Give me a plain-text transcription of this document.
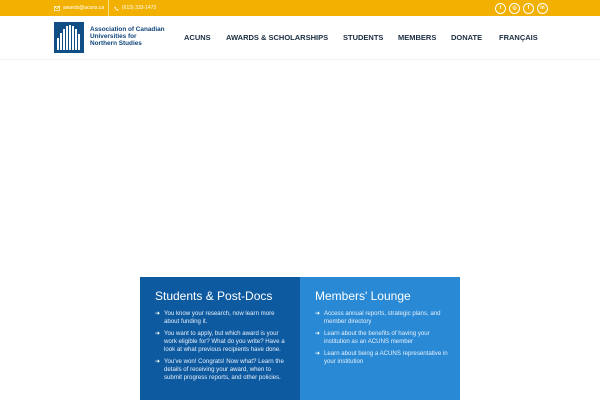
awards@acuns.ca	(613) 333-1473	t	◎	f	in
Association of Canadian
Universities for
Northern Studies
ACUNS AWARDS & SCHOLARSHIPS STUDENTS MEMBERS DONATE FRANÇAIS
Students & Post-Docs
➜ You know your research, now learn more about funding it.
➜ You want to apply, but which award is your work eligible for? What do you write? Have a look at what previous recipients have done.
➜ You've won! Congrats! Now what? Learn the details of receiving your award, when to submit progress reports, and other policies.
Members' Lounge
➜ Access annual reports, strategic plans, and member directory
➜ Learn about the benefits of having your institution as an ACUNS member
➜ Learn about being a ACUNS representative in your institution
